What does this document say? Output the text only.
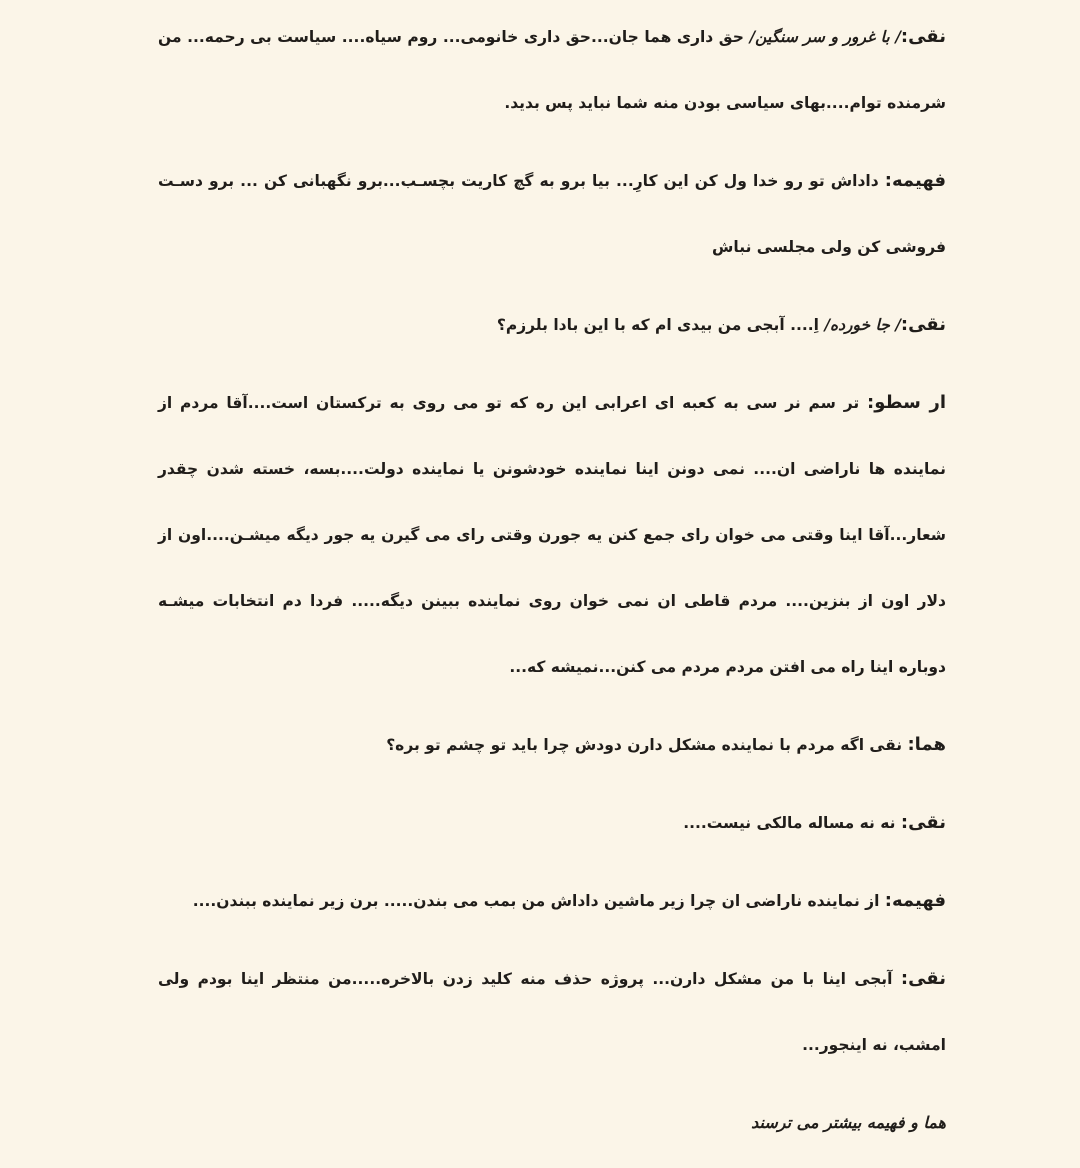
نقی:/ با غرور و سر سنگین/ حق داری هما جان...حق داری خانومی... روم سیاه.... سیاست بی رحمه... من شرمنده توام....بهای سیاسی بودن منه شما نباید پس بدید.

فهیمه: داداش تو رو خدا ول کن این کارِ... بیا برو به گچ کاریت بچسـب...برو نگهبانی کن ... برو دسـت فروشی کن ولی مجلسی نباش

نقی:/ جا خورده/ اِ.... آبجی من بیدی ام که با این بادا بلرزم؟

ار سطو: تر سم نر سی به کعبه ای اعرابی این ره که تو می روی به ترکستان است....آقا مردم از نماینده ها ناراضی ان.... نمی دونن اینا نماینده خودشونن یا نماینده دولت....بسه، خسته شدن چقدر شعار...آقا اینا وقتی می خوان رای جمع کنن یه جورن وقتی رای می گیرن یه جور دیگه میشـن....اون از دلار اون از بنزین.... مردم قاطی ان نمی خوان روی نماینده ببینن دیگه..... فردا دم انتخابات میشـه دوباره اینا راه می افتن مردم مردم می کنن...نمیشه که...

هما: نقی اگه مردم با نماینده مشکل دارن دودش چرا باید تو چشم تو بره؟

نقی: نه نه مساله مالکی نیست....

فهیمه: از نماینده ناراضی ان چرا زیر ماشین داداش من بمب می بندن..... برن زیر نماینده ببندن....

نقی: آبجی اینا با من مشکل دارن... پروژه حذف منه کلید زدن بالاخره.....من منتظر اینا بودم ولی امشب، نه اینجور...

هما و فهیمه بیشتر می ترسند
